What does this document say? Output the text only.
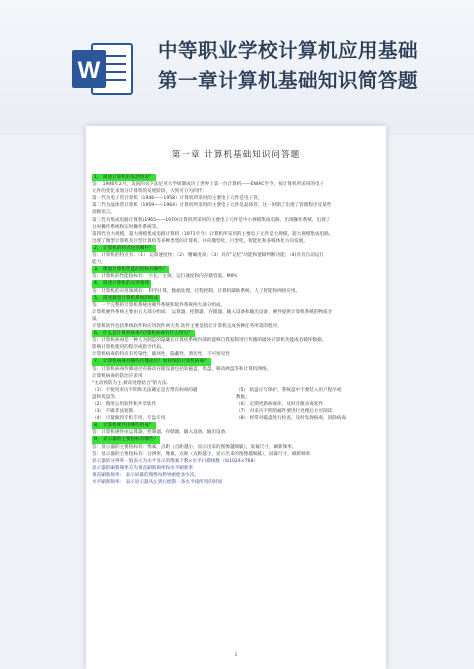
W
中等职业学校计算机应用基础
第一章计算机基础知识简答题
第一章 计算机基础知识问答题
1、 简述计算机的发展情况？
答： 1946年2月，美国的宾夕法尼亚大学研制成功了世界上第一台计算机——ENIAC至今，按计算机所采用的电子
元件的变化来划分计算机的发展阶段，大致可分为四代：
第一代为电子管计算机（1946——1958）计算机所采用的主要电子元件是电子管。
第二代为晶体管计算机（1959——1964）计算机所采用的主要电子元件是晶体管，这一时期了出现了管理程序及某些
高级语言。
第三代为集成电路计算机(1965——1970)计算机所采用的主要电子元件是中小规模集成电路，出现操作系统，出现了
分时操作系统和实时操作系统等。
第四代为大规模，超大规模集成电路计算机（1971至今）计算机所采用的主要电子元件是大规模，超大规模集成电路，
出现了微型计算机及巨型计算机等多种类型的计算机，并向微型化，巨型化，智能化和多媒体化方向发展。
2、 计算机的特点包括哪些？
答：计算机的特点有：（1） 运算速度快；（2） 精确度高；（3）具有"记忆"功能和逻辑判断功能；（4)具有自动运行
能力。
3、 衡量计算机性能的指标有哪些？
答：计算机的性能指标有： 字长，主频，运行速度和内存储容量，MIPs
4、 简述计算机的应用领域
答：计算机的应用领域有： 科学计算，数据处理，过程控制，计算机辅助系统，人工智能和网络应用。
5、 简述微型计算机系统的组成
答：一个完整的计算机系统由硬件系统和软件系统两大部分组成。
计算机硬件系统主要由五大部分组成： 运算器，控制器，存储器，输入设备和输出设备；硬件提供计算机系统的物质介
质。
计算机软件包括系统软件和应用软件两大类.软件主要是指让计算机完成各种任务所需的程序。
6、 什么是计算机病毒?计算机病毒有什么特点？
答：计算机病毒是一种人为制造的隐藏在计算机系统内部的能够自我复制进行传播的破坏计算机功能或者破坏数据，
影响计算机使用的程序或指令代码。
计算机病毒的特点有传染性，破坏性，隐蔽性，潜伏性，不可预见性
7、 计算机病毒有哪些传播途径？如何预防计算机病毒？
答：计算机病毒传播途径有移动存储设备包括软磁盘，优盘，移动硬盘等和计算机网络。
计算机病毒的防治应采用
"主动预防为主,被动处理结合"的方法.
（1） 不使用来历不明和无法确定是否带有病毒的磁	（5） 软盘应写保护，系统盘中不要装入用户程序或
盘和优盘等.	数据；
（2） 慎用公用软件和共享软件.	（6） 定期更新病毒库，及时升级杀毒软件.
（3） 不做非法复制.	（7） 对来历不明的邮件要进行处理后方可阅读.
（4） 尽量做到专机专用，专盘专用.	（8） 经常对磁盘进行检查，及时发现病毒，消除病毒.
8、 计算机硬件由哪些组成？
答：计算机硬件由运算器，控制器，存储器，输入设备，输出设备.
9、 显示器的主要指标有哪些？
答：显示器的主要指标有：像素，点距（点距越小，显示出来的图像越细腻），屏幕尺寸，刷新频率。
答：显示器的主要指标有：分辨率，像素，点距（点距越小，显示出来的图像越细腻），屏幕尺寸，刷新频率.
显示器的分辨率一般表示为水平显示的像素个数×水平扫描线数（如1024×768）
显示器的刷新频率分为垂直刷新频率和水平刷新率
垂直刷新频率： 表示屏幕的图像每秒钟重绘多少次。
水平刷新频率： 表示显示器从左到右绘制一条水平线所用的时间
1
